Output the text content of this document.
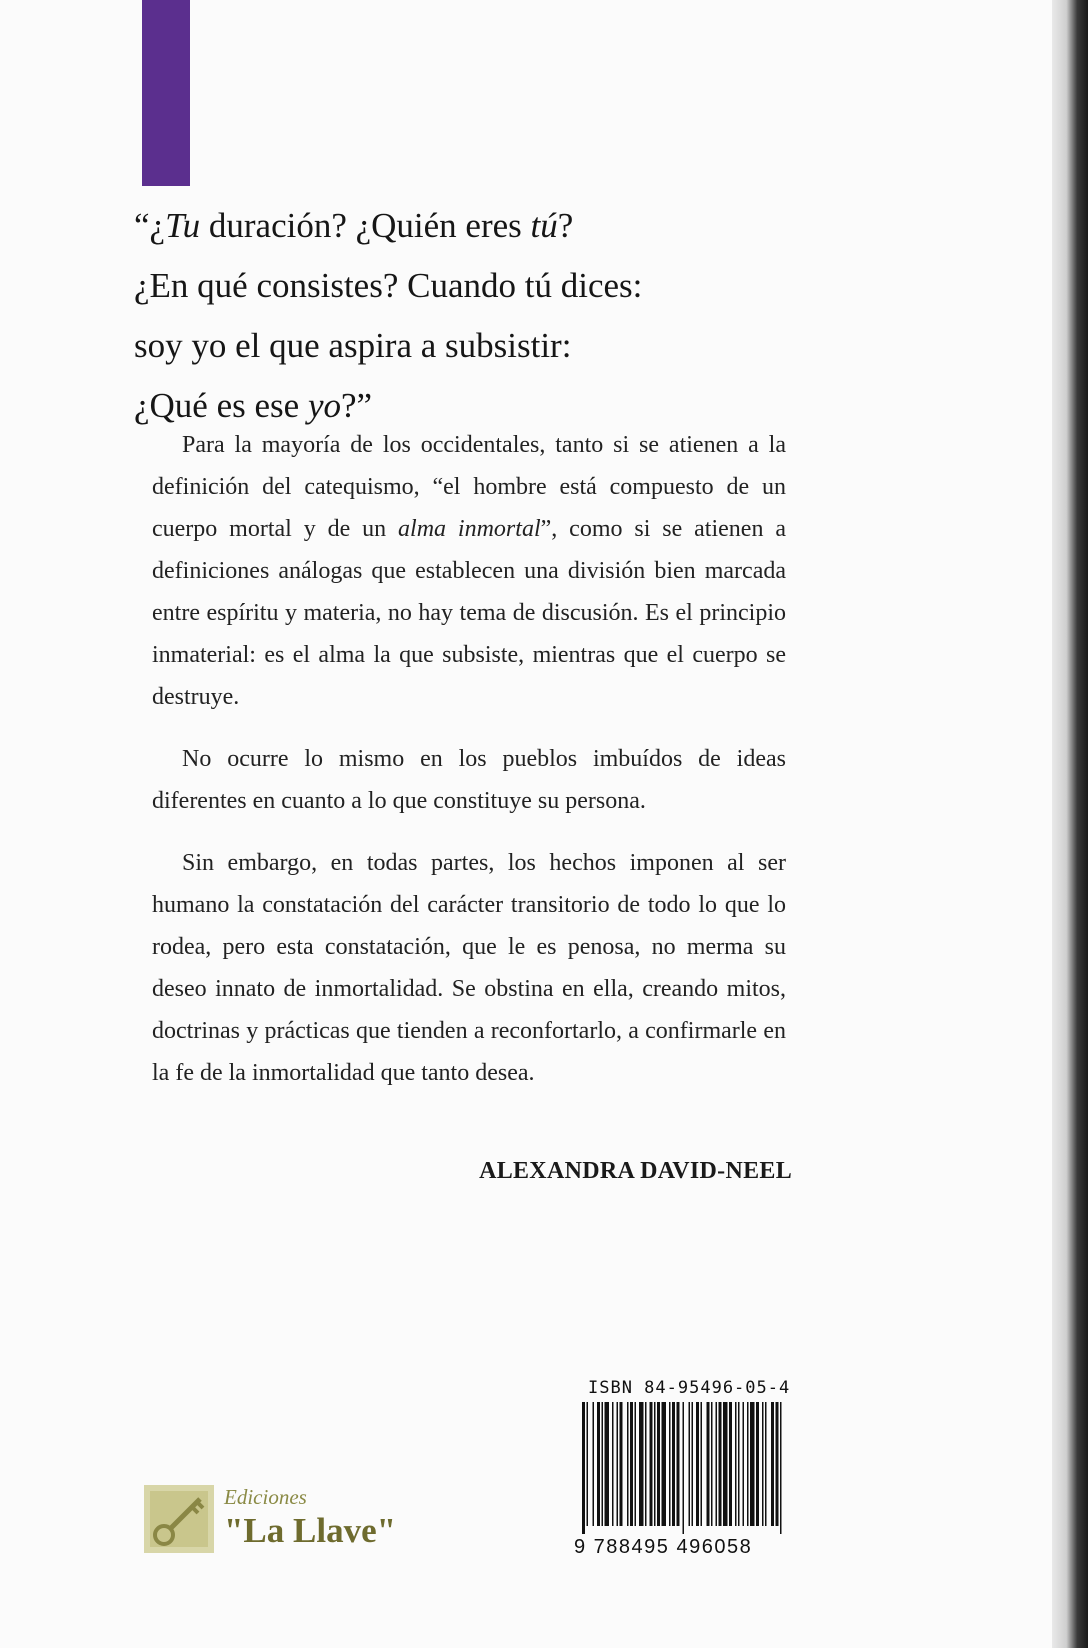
“¿Tu duración? ¿Quién eres tú?
¿En qué consistes? Cuando tú dices:
soy yo el que aspira a subsistir:
¿Qué es ese yo?”

Para la mayoría de los occidentales, tanto si se atienen a la definición del catequismo, “el hombre está compuesto de un cuerpo mortal y de un alma inmortal”, como si se atienen a definiciones análogas que establecen una división bien marcada entre espíritu y materia, no hay tema de discusión. Es el principio inmaterial: es el alma la que subsiste, mientras que el cuerpo se destruye.

No ocurre lo mismo en los pueblos imbuídos de ideas diferentes en cuanto a lo que constituye su persona.

Sin embargo, en todas partes, los hechos imponen al ser humano la constatación del carácter transitorio de todo lo que lo rodea, pero esta constatación, que le es penosa, no merma su deseo innato de inmortalidad. Se obstina en ella, creando mitos, doctrinas y prácticas que tienden a reconfortarlo, a confirmarle en la fe de la inmortalidad que tanto desea.

ALEXANDRA DAVID-NEEL
Ediciones
"La Llave"
ISBN 84-95496-05-4
9 788495 496058
